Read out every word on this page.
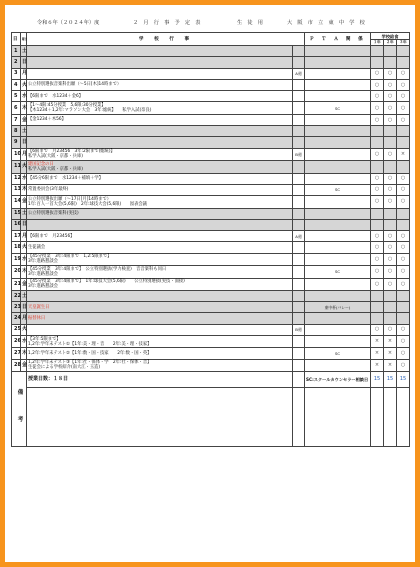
令和６年（２０２４年）度	２　月　行　事　予　定　表	生　徒　用	大　阪　市　立　東　中　学　校
日	曜日	学　校　行　事		Ｐ Ｔ Ａ 関 係	学校給食		
					１年	２年	３年
1	土						
2	日						
3	月		A週		○	○	○
4	火	公立特別選抜音楽科出願（～5日[木]14時まで）			○	○	○
5	水	【6限まで　水1234＋金6】			○	○	○
6	木	【1～4限:45分授業　5,6限:30分授業】
【木1234＋1,2年:マラソン大会　3年:総統】　　私学入試(奈良)		SC	○	○	○
7	金	【金1234＋木56】			○	○	○
8	土						
9	日						
10	月	【6限まで　月23456　3年:2限まで(総統)】
私学入試(大阪・京都・兵庫)	B週		○	○	×
11	火	建国記念の日
私学入試(大阪・京都・兵庫)					

12	水	【45分6限まで　水1234＋補填＋学】			○	○	○
13	木	常置委員会(3年最終)		SC	○	○	○
14	金	公立特別選抜出願（～17日[月]14時まで）
1年:百人一首大会(5,6限)　2年:球技大会(5,6限)　　図表会議			○	○	○
15	土	公立特別選抜音楽科(実技)					

16	日						
17	月	【6限まで　月23456】	A週		○	○	○
18	火	生徒議会			○	○	○
19	水	【45分授業　3年:4限まで　1,2:5限まで】
3年:進路懇談会			○	○	○
20	木	【45分授業　3年:4限まで】　公立特別選抜(学力検査)　音音楽科も同日
3年:進路懇談会		SC	○	○	○
21	金	【45分授業　3年:4限まで】　1年:球技大会(5,6限)　　公立特別選抜(実技・面接)
3年:進路懇談会			○	○	○
22	土						
23	日	天皇誕生日		東中杯(バレー)			
24	月	振替休日					

25	火		B週		○	○	○
26	水	【3年:5限まで】
1,2年:学年末テスト①【1年:美・理・音　　2年:美・理・技家】			×	×	○
27	木	1,2年:学年末テスト②【1年:数・国・技家　　2年:数・国・英】		SC	×	×	○
28	金	1,2年:学年末テスト③【1年:社・保体・学　2年:社・保体・音】
生徒会による学校紹介(南大江・玉造)			×	×	○
備　考		授業日数：１８日		SC:スクールカウンセラー相談日	15	15	15
